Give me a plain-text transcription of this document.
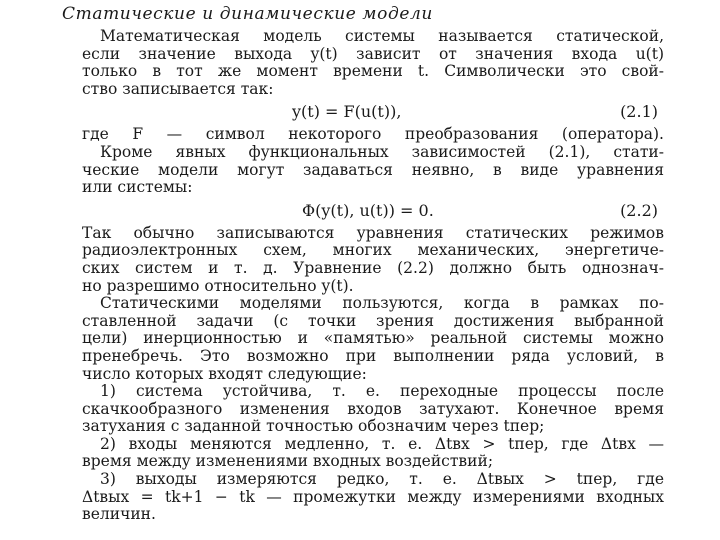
Статические и динамические модели

Математическая модель системы называется статической,
если значение выхода y(t) зависит от значения входа u(t)
только в тот же момент времени t. Символически это свой-
ство записывается так:

y(t) = F(u(t)),	(2.1)

где F — символ некоторого преобразования (оператора).
Кроме явных функциональных зависимостей (2.1), стати-
ческие модели могут задаваться неявно, в виде уравнения
или системы:

Φ(y(t), u(t)) = 0.	(2.2)

Так обычно записываются уравнения статических режимов
радиоэлектронных схем, многих механических, энергетиче-
ских систем и т. д. Уравнение (2.2) должно быть однознач-
но разрешимо относительно y(t).

Статическими моделями пользуются, когда в рамках по-
ставленной задачи (с точки зрения достижения выбранной
цели) инерционностью и «памятью» реальной системы можно
пренебречь. Это возможно при выполнении ряда условий, в
число которых входят следующие:

1) система устойчива, т. е. переходные процессы после
скачкообразного изменения входов затухают. Конечное время
затухания с заданной точностью обозначим через tпер;

2) входы меняются медленно, т. е. Δtвх > tпер, где Δtвх —
время между изменениями входных воздействий;

3) выходы измеряются редко, т. е. Δtвых > tпер, где
Δtвых = tk+1 − tk — промежутки между измерениями входных
величин.
